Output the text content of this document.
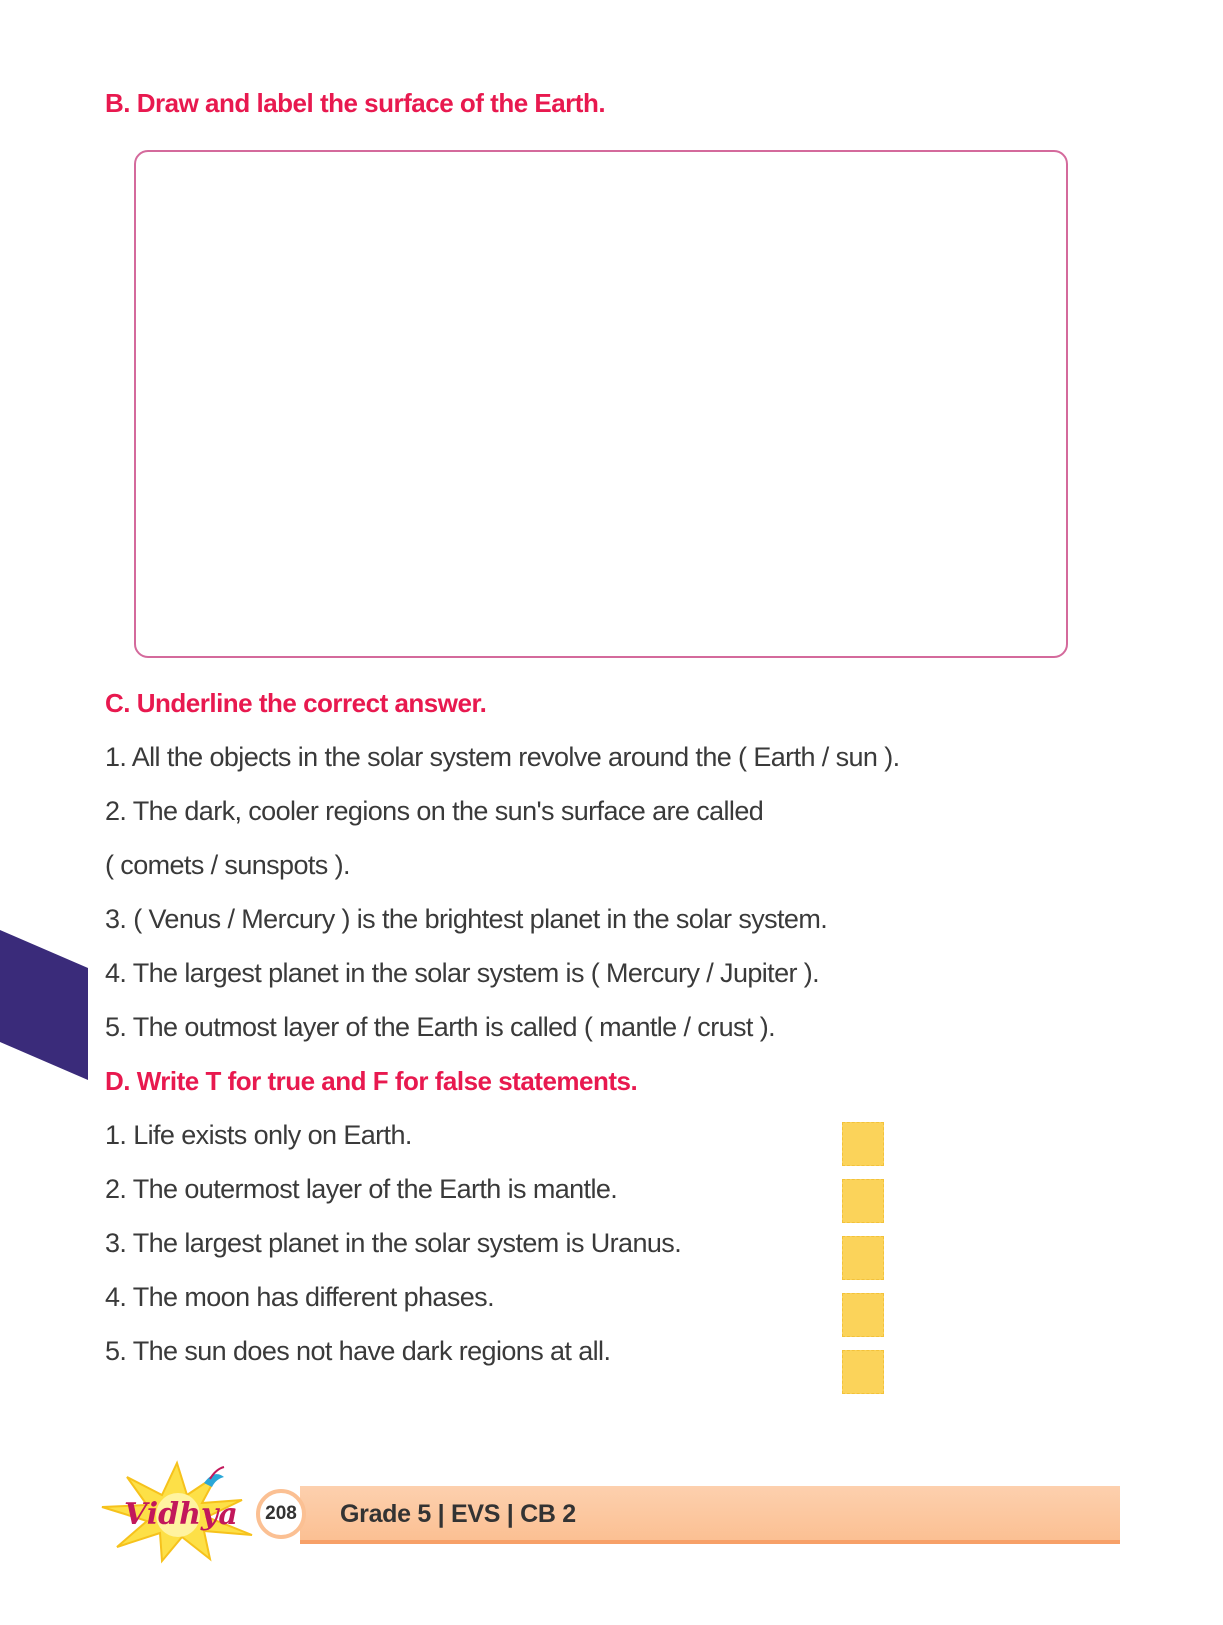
B. Draw and label the surface of the Earth.
C. Underline the correct answer.
1. All the objects in the solar system revolve around the ( Earth / sun ).
2. The dark, cooler regions on the sun's surface are called
( comets / sunspots ).
3. ( Venus / Mercury ) is the brightest planet in the solar system.
4. The largest planet in the solar system is ( Mercury / Jupiter ).
5. The outmost layer of the Earth is called ( mantle / crust ).
D. Write T for true and F for false statements.
1. Life exists only on Earth.
2. The outermost layer of the Earth is mantle.
3. The largest planet in the solar system is Uranus.
4. The moon has different phases.
5. The sun does not have dark regions at all.
Vidhya	208	Grade 5 | EVS | CB 2
